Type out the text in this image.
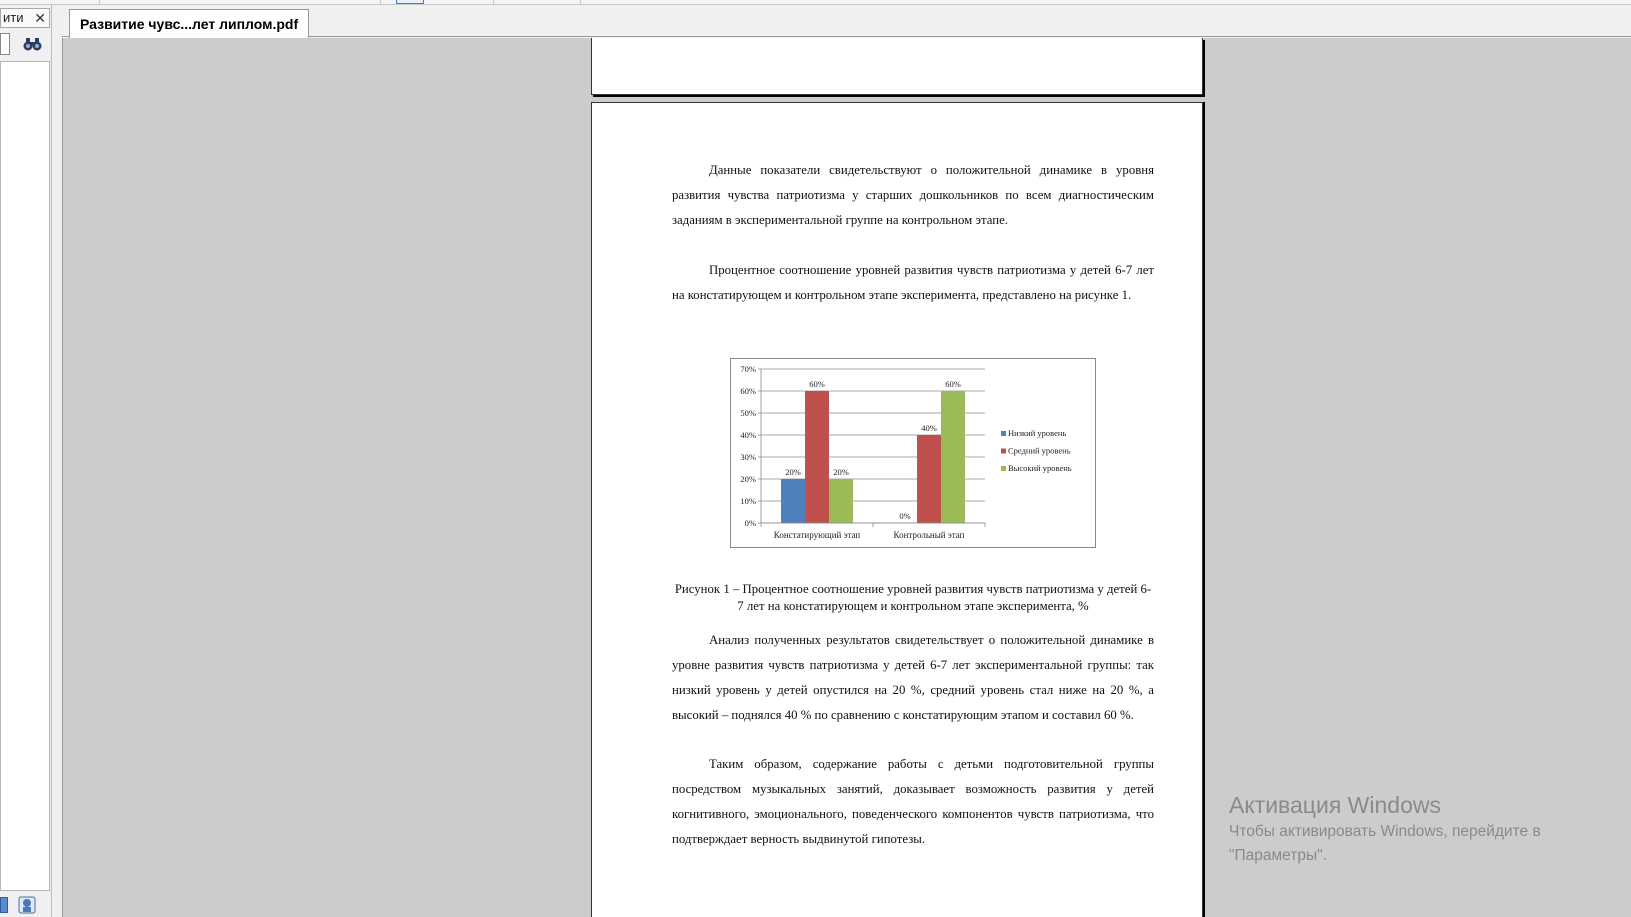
ити ✕	Развитие чувс...лет липлом.pdf

Данные показатели свидетельствуют о положительной динамике в уровня развития чувства патриотизма у старших дошкольников по всем диагностическим заданиям в экспериментальной группе на контрольном этапе.

Процентное соотношение уровней развития чувств патриотизма у детей 6-7 лет на констатирующем и контрольном этапе эксперимента, представлено на рисунке 1.

0%
10%
20%
30%
40%
50%
60%
70%
20%
60%
20%
Констатирующий этап
0%
40%
60%
Контрольный этап
Низкий уровень
Средний уровень
Высокий уровень

Рисунок 1 – Процентное соотношение уровней развития чувств патриотизма у детей 6-7 лет на констатирующем и контрольном этапе эксперимента, %

Анализ полученных результатов свидетельствует о положительной динамике в уровне развития чувств патриотизма у детей 6-7 лет экспериментальной группы: так низкий уровень у детей опустился на 20 %, средний уровень стал ниже на 20 %, а высокий – поднялся 40 % по сравнению с констатирующим этапом и составил 60 %.

Таким образом, содержание работы с детьми подготовительной группы посредством музыкальных занятий, доказывает возможность развития у детей когнитивного, эмоционального, поведенческого компонентов чувств патриотизма, что подтверждает верность выдвинутой гипотезы.

Активация Windows
Чтобы активировать Windows, перейдите в
"Параметры".
